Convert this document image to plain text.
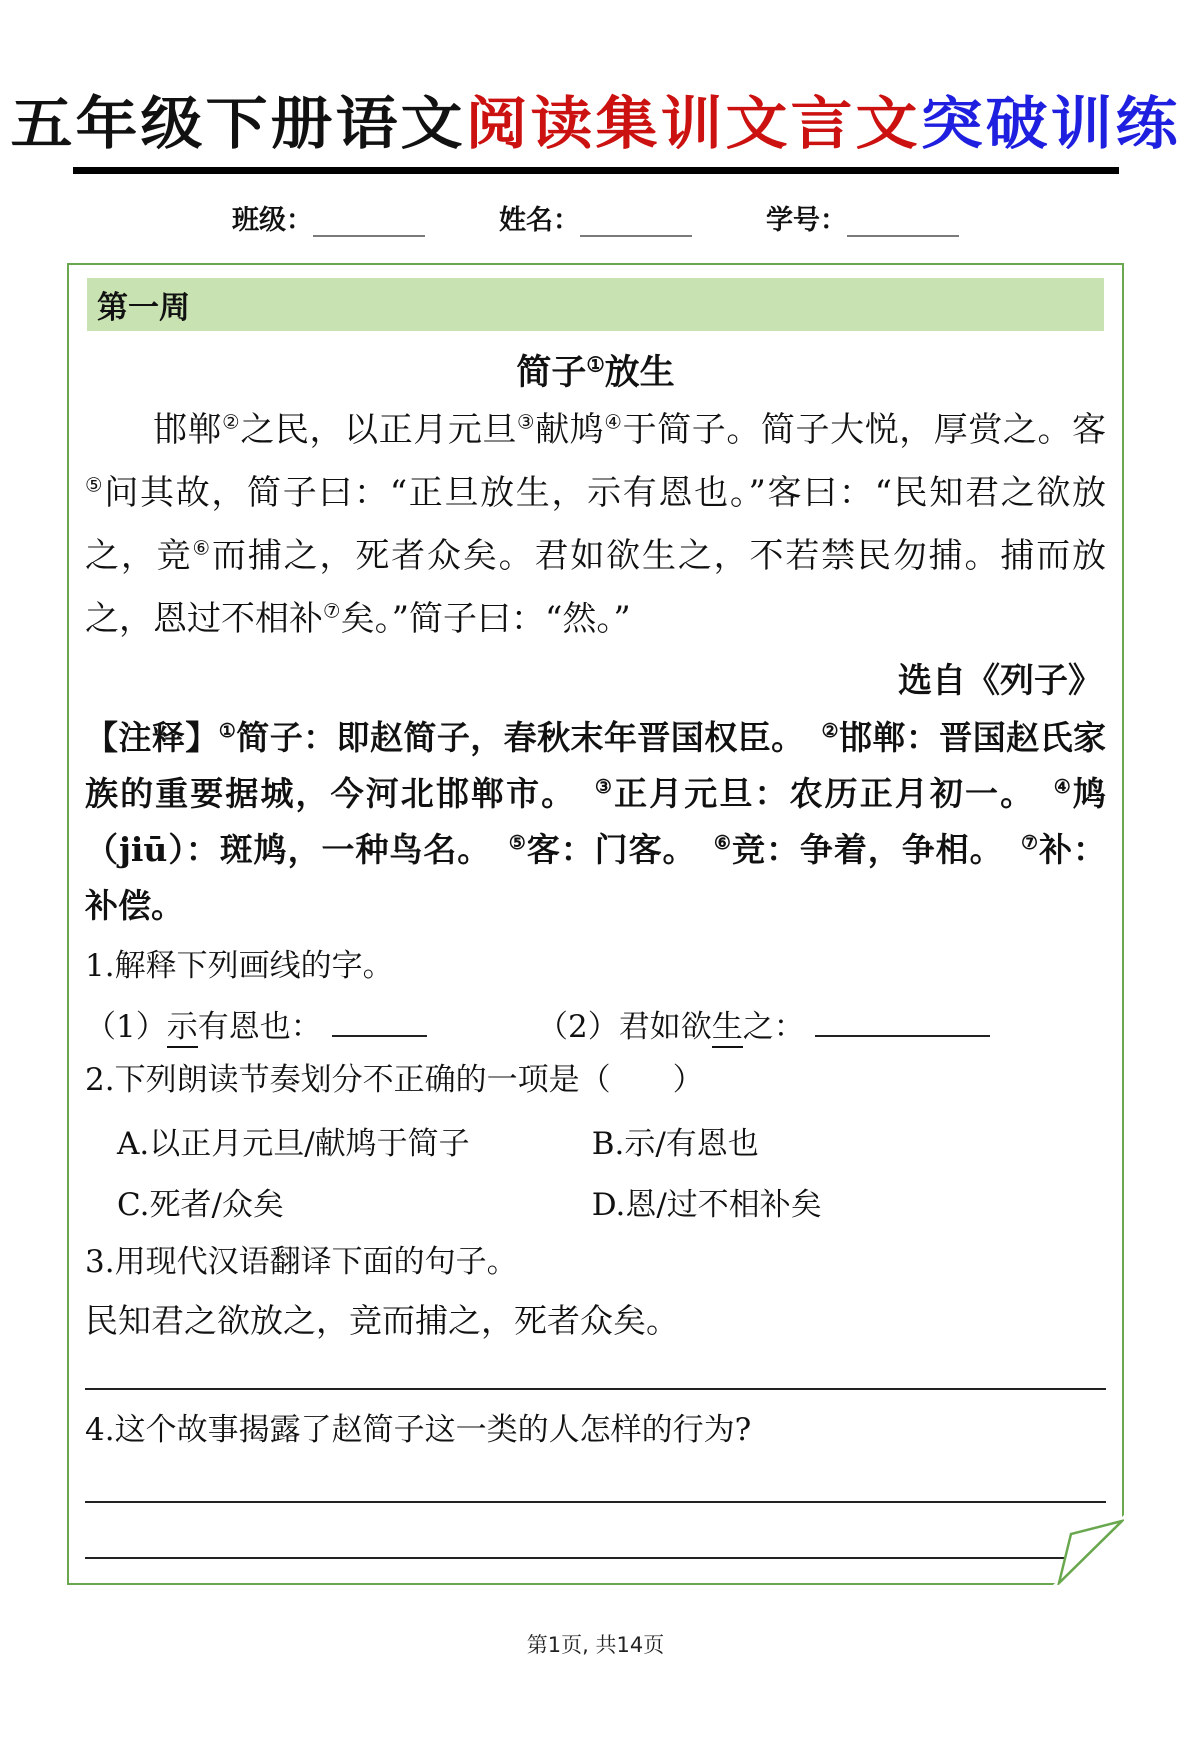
五年级下册语文阅读集训文言文突破训练
班级：	姓名：	学号：
第一周
简子①放生
邯郸②之民，以正月元旦③献鸠④于简子。简子大悦，厚赏之。客⑤问其故，简子曰：“正旦放生，示有恩也。”客曰：“民知君之欲放之，竞⑥而捕之，死者众矣。君如欲生之，不若禁民勿捕。捕而放之，恩过不相补⑦矣。”简子曰：“然。”
选自《列子》
【注释】①简子：即赵简子，春秋末年晋国权臣。　②邯郸：晋国赵氏家族的重要据城，今河北邯郸市。　③正月元旦：农历正月初一。　④鸠（jiū）：斑鸠，一种鸟名。　⑤客：门客。　⑥竞：争着，争相。　⑦补：补偿。
1.解释下列画线的字。
（1）示有恩也：	（2）君如欲生之：
2.下列朗读节奏划分不正确的一项是（　　）
A.以正月元旦/献鸠于简子	B.示/有恩也
C.死者/众矣	D.恩/过不相补矣
3.用现代汉语翻译下面的句子。
民知君之欲放之，竞而捕之，死者众矣。
4.这个故事揭露了赵简子这一类的人怎样的行为?
第1页, 共14页
